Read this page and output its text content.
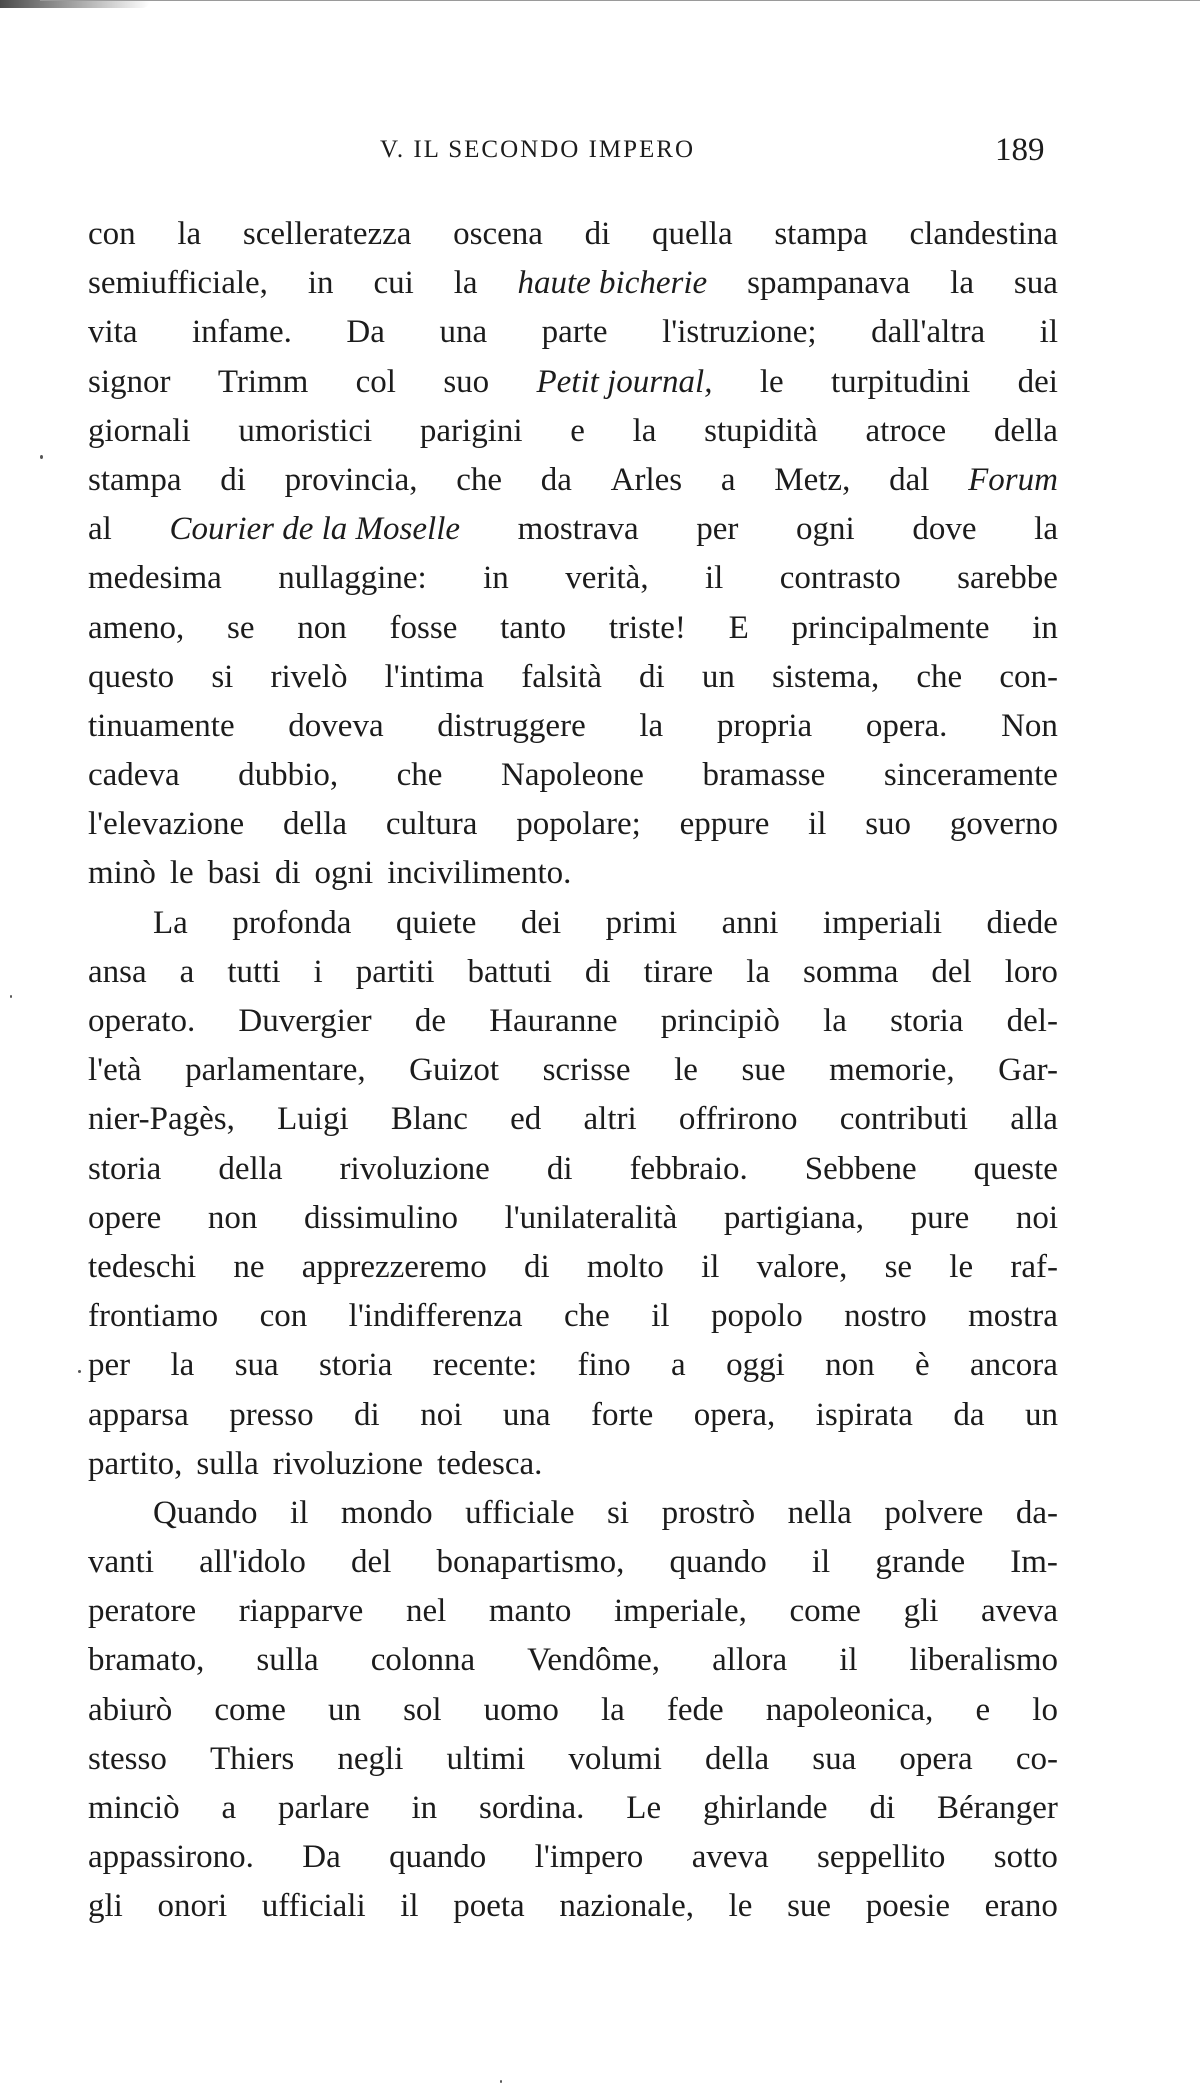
V. IL SECONDO IMPERO	189
con la scelleratezza oscena di quella stampa clandestina
semiufficiale, in cui la haute bicherie spampanava la sua
vita infame. Da una parte l'istruzione; dall'altra il
signor Trimm col suo Petit journal, le turpitudini dei
giornali umoristici parigini e la stupidità atroce della
stampa di provincia, che da Arles a Metz, dal Forum
al Courier de la Moselle mostrava per ogni dove la
medesima nullaggine: in verità, il contrasto sarebbe
ameno, se non fosse tanto triste! E principalmente in
questo si rivelò l'intima falsità di un sistema, che con-
tinuamente doveva distruggere la propria opera. Non
cadeva dubbio, che Napoleone bramasse sinceramente
l'elevazione della cultura popolare; eppure il suo governo
minò le basi di ogni incivilimento.
La profonda quiete dei primi anni imperiali diede
ansa a tutti i partiti battuti di tirare la somma del loro
operato. Duvergier de Hauranne principiò la storia del-
l'età parlamentare, Guizot scrisse le sue memorie, Gar-
nier-Pagès, Luigi Blanc ed altri offrirono contributi alla
storia della rivoluzione di febbraio. Sebbene queste
opere non dissimulino l'unilateralità partigiana, pure noi
tedeschi ne apprezzeremo di molto il valore, se le raf-
frontiamo con l'indifferenza che il popolo nostro mostra
per la sua storia recente: fino a oggi non è ancora
apparsa presso di noi una forte opera, ispirata da un
partito, sulla rivoluzione tedesca.
Quando il mondo ufficiale si prostrò nella polvere da-
vanti all'idolo del bonapartismo, quando il grande Im-
peratore riapparve nel manto imperiale, come gli aveva
bramato, sulla colonna Vendôme, allora il liberalismo
abiurò come un sol uomo la fede napoleonica, e lo
stesso Thiers negli ultimi volumi della sua opera co-
minciò a parlare in sordina. Le ghirlande di Béranger
appassirono. Da quando l'impero aveva seppellito sotto
gli onori ufficiali il poeta nazionale, le sue poesie erano
